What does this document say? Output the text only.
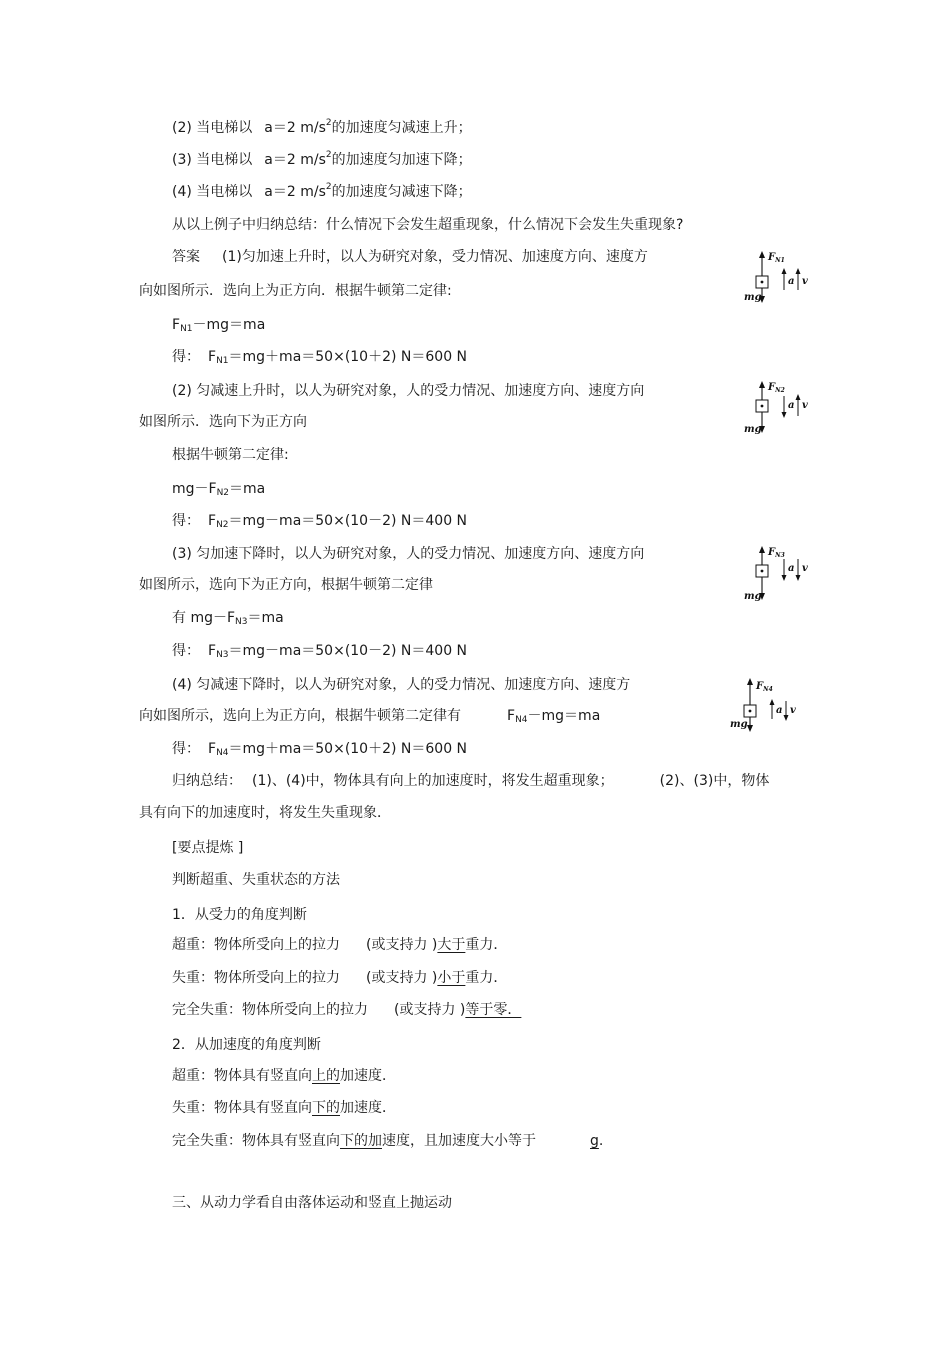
(2) 当电梯以 a＝2 $m/s^2$的加速度匀减速上升；
(3) 当电梯以 a＝2 $m/s^2$的加速度匀加速下降；
(4) 当电梯以 a＝2 $m/s^2$的加速度匀减速下降；
从以上例子中归纳总结：什么情况下会发生超重现象，什么情况下会发生失重现象?
答案 (1)匀加速上升时，以人为研究对象，受力情况、加速度方向、速度方
向如图所示．选向上为正方向．根据牛顿第二定律:
$F_{N1}-mg=ma$
得： $F_{N1}=mg+ma=50\times(10+2)$ N＝600 N
(2) 匀减速上升时，以人为研究对象，人的受力情况、加速度方向、速度方向
如图所示．选向下为正方向
根据牛顿第二定律:
$mg-F_{N2}=ma$
得： $F_{N2}=mg-ma=50\times(10-2)$ N＝400 N
(3) 匀加速下降时，以人为研究对象，人的受力情况、加速度方向、速度方向
如图所示，选向下为正方向，根据牛顿第二定律
有 $mg-F_{N3}=ma$
得： $F_{N3}=mg-ma=50\times(10-2)$ N＝400 N
(4) 匀减速下降时，以人为研究对象，人的受力情况、加速度方向、速度方
向如图所示，选向上为正方向，根据牛顿第二定律有	$F_{N4}-mg=ma$
得： $F_{N4}=mg+ma=50\times(10+2)$ N＝600 N
归纳总结： (1)、(4)中，物体具有向上的加速度时，将发生超重现象；	(2)、(3)中，物体
具有向下的加速度时，将发生失重现象．
[要点提炼 ]
判断超重、失重状态的方法
1．从受力的角度判断
超重：物体所受向上的拉力 (或支持力 )大于重力．
失重：物体所受向上的拉力 (或支持力 )小于重力．
完全失重：物体所受向上的拉力 (或支持力 )等于零．
2．从加速度的角度判断
超重：物体具有竖直向上的加速度．
失重：物体具有竖直向下的加速度．
完全失重：物体具有竖直向下的加速度，且加速度大小等于	g.
三、从动力学看自由落体运动和竖直上抛运动
$F_{N1}$
mg
a v
$F_{N2}$
mg
a v
$F_{N3}$
mg
a v
$F_{N4}$
mg
a v
